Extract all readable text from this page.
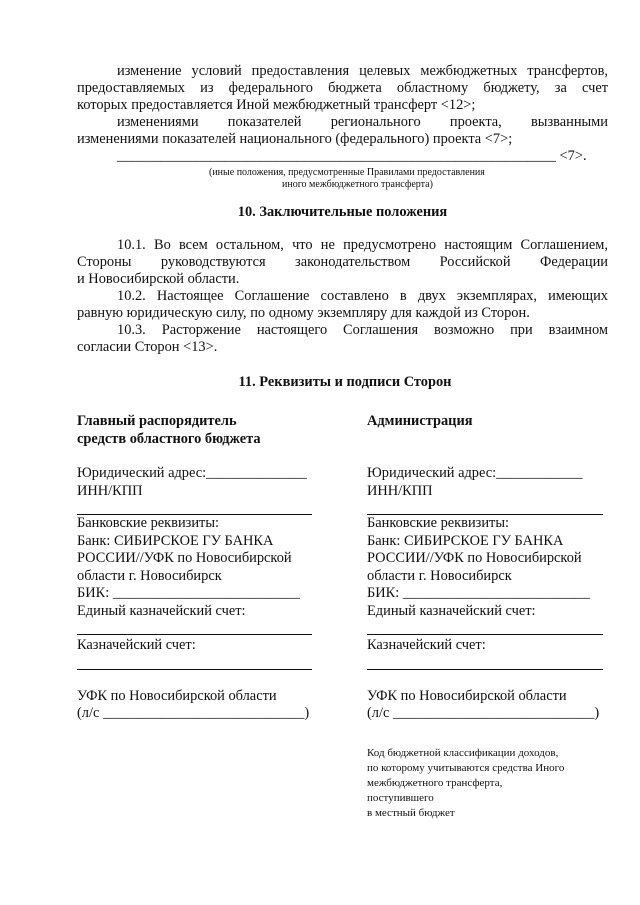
изменение условий предоставления целевых межбюджетных трансфертов,
предоставляемых из федерального бюджета областному бюджету, за счет
которых предоставляется Иной межбюджетный трансферт <12>;
изменениями показателей регионального проекта, вызванными
изменениями показателей национального (федерального) проекта <7>;
_____________________________________________________________ <7>.
(иные положения, предусмотренные Правилами предоставления
иного межбюджетного трансферта)
10. Заключительные положения
10.1. Во всем остальном, что не предусмотрено настоящим Соглашением,
Стороны руководствуются законодательством Российской Федерации
и Новосибирской области.
10.2. Настоящее Соглашение составлено в двух экземплярах, имеющих
равную юридическую силу, по одному экземпляру для каждой из Сторон.
10.3. Расторжение настоящего Соглашения возможно при взаимном
согласии Сторон <13>.
11. Реквизиты и подписи Сторон
Главный распорядитель
средств областного бюджета
Юридический адрес:______________
ИНН/КПП
Банковские реквизиты:
Банк: СИБИРСКОЕ ГУ БАНКА
РОССИИ//УФК по Новосибирской
области г. Новосибирск
БИК: __________________________
Единый казначейский счет:
Казначейский счет:
УФК по Новосибирской области
(л/с ____________________________)
Администрация
Юридический адрес:____________
ИНН/КПП
Банковские реквизиты:
Банк: СИБИРСКОЕ ГУ БАНКА
РОССИИ//УФК по Новосибирской
области г. Новосибирск
БИК: __________________________
Единый казначейский счет:
Казначейский счет:
УФК по Новосибирской области
(л/с ____________________________)
Код бюджетной классификации доходов,
по которому учитываются средства Иного
межбюджетного трансферта,
поступившего
в местный бюджет
